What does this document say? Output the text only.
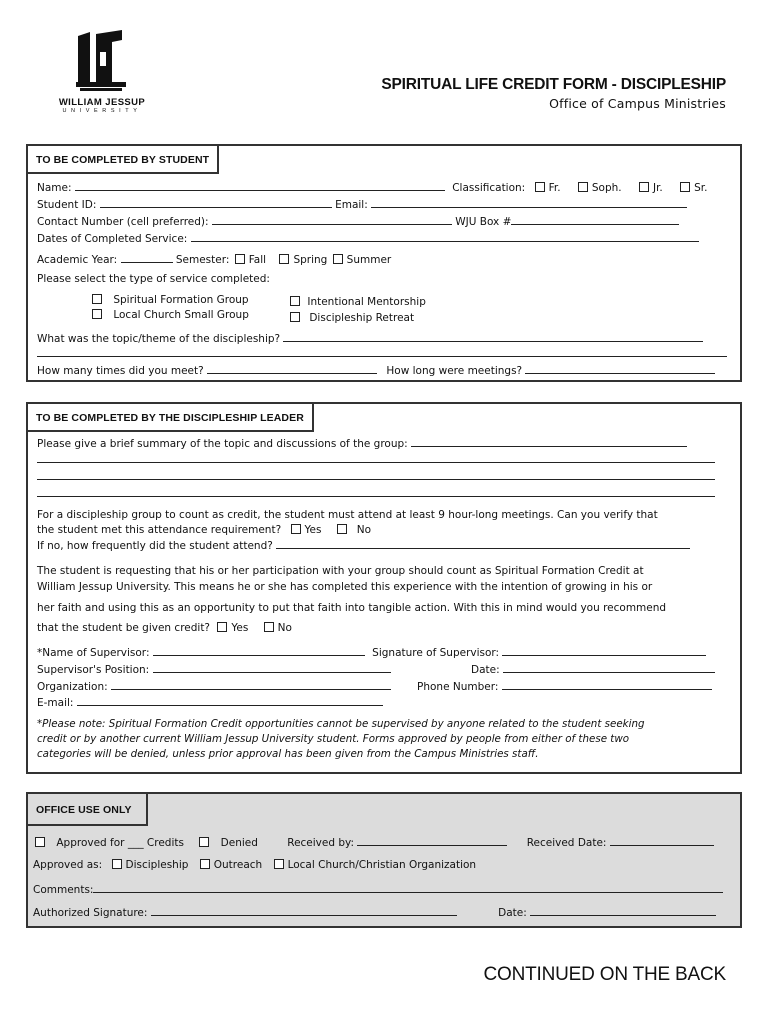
WILLIAM JESSUP
UNIVERSITY
SPIRITUAL LIFE CREDIT FORM - DISCIPLESHIP
Office of Campus Ministries
TO BE COMPLETED BY STUDENT
Name:	Classification: Fr.	Soph.	Jr.	Sr.
Student ID:	Email:
Contact Number (cell preferred):	WJU Box #
Dates of Completed Service:
Academic Year:	Semester: Fall	Spring Summer
Please select the type of service completed:
Spiritual Formation Group
Local Church Small Group
Intentional Mentorship
Discipleship Retreat
What was the topic/theme of the discipleship?
How many times did you meet?	How long were meetings?
TO BE COMPLETED BY THE DISCIPLESHIP LEADER
Please give a brief summary of the topic and discussions of the group:
For a discipleship group to count as credit, the student must attend at least 9 hour-long meetings. Can you verify that
the student met this attendance requirement? Yes	No
If no, how frequently did the student attend?
The student is requesting that his or her participation with your group should count as Spiritual Formation Credit at
William Jessup University. This means he or she has completed this experience with the intention of growing in his or
her faith and using this as an opportunity to put that faith into tangible action. With this in mind would you recommend
that the student be given credit? Yes	No
*Name of Supervisor:	Signature of Supervisor:
Supervisor's Position:	Date:
Organization:	Phone Number:
E-mail:
*Please note: Spiritual Formation Credit opportunities cannot be supervised by anyone related to the student seeking
credit or by another current William Jessup University student. Forms approved by people from either of these two
categories will be denied, unless prior approval has been given from the Campus Ministries staff.
OFFICE USE ONLY
Approved for ___ Credits	Denied	Received by:	Received Date:
Approved as: Discipleship Outreach Local Church/Christian Organization
Comments:
Authorized Signature:	Date:
CONTINUED ON THE BACK
